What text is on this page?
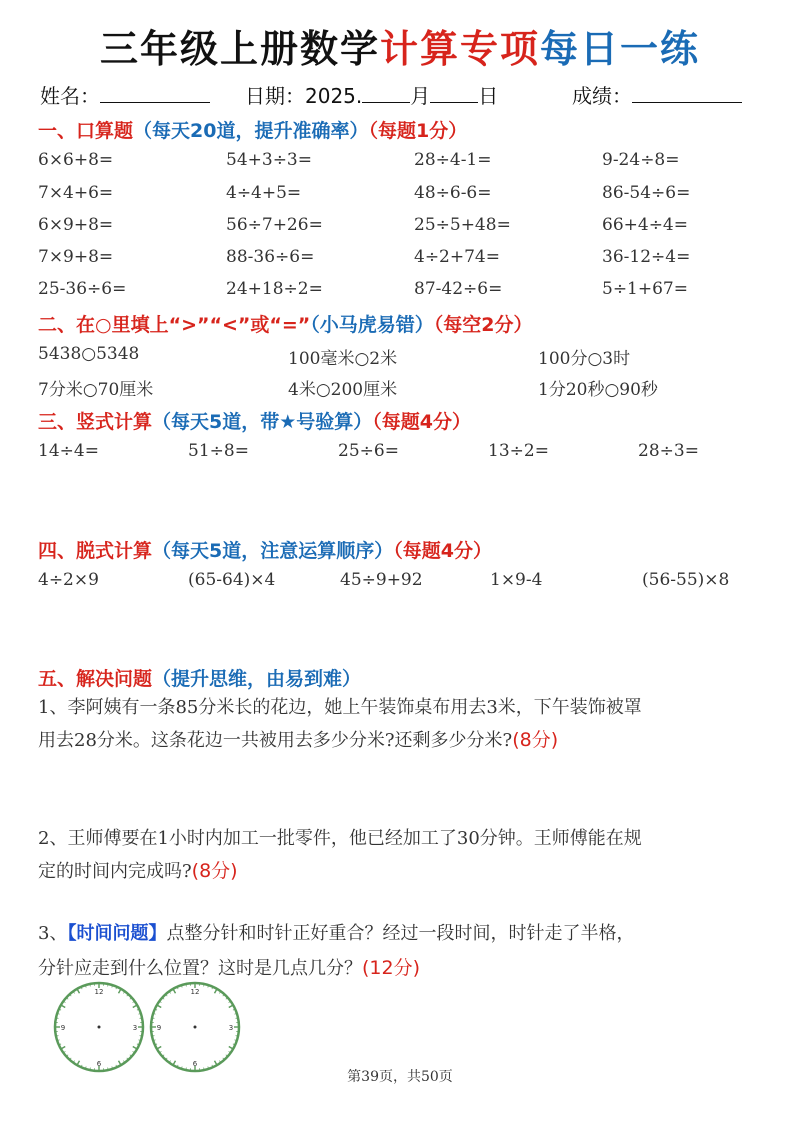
三年级上册数学计算专项每日一练
姓名：	日期：2025. 月 日	成绩：
一、口算题（每天20道，提升准确率）（每题1分）
6×6+8=	54+3÷3=	28÷4-1=	9-24÷8=
7×4+6=	4÷4+5=	48÷6-6=	86-54÷6=
6×9+8=	56÷7+26=	25÷5+48=	66+4÷4=
7×9+8=	88-36÷6=	4÷2+74=	36-12÷4=
25-36÷6=	24+18÷2=	87-42÷6=	5÷1+67=
二、在○里填上“>”“<”或“=”（小马虎易错）（每空2分）
5438○5348	100毫米○2米	100分○3时
7分米○70厘米	4米○200厘米	1分20秒○90秒
三、竖式计算（每天5道，带★号验算）（每题4分）
14÷4=	51÷8=	25÷6=	13÷2=	28÷3=
四、脱式计算（每天5道，注意运算顺序）（每题4分）
4÷2×9	(65-64)×4	45÷9+92	1×9-4	(56-55)×8
五、解决问题（提升思维，由易到难）
1、李阿姨有一条85分米长的花边，她上午装饰桌布用去3米，下午装饰被罩
用去28分米。这条花边一共被用去多少分米?还剩多少分米?(8分)
2、王师傅要在1小时内加工一批零件，他已经加工了30分钟。王师傅能在规
定的时间内完成吗?(8分)
3、【时间问题】点整分针和时针正好重合？经过一段时间，时针走了半格，
分针应走到什么位置？这时是几点几分？(12分)
12
3
6
9
12
3
6
9
第39页，共50页
